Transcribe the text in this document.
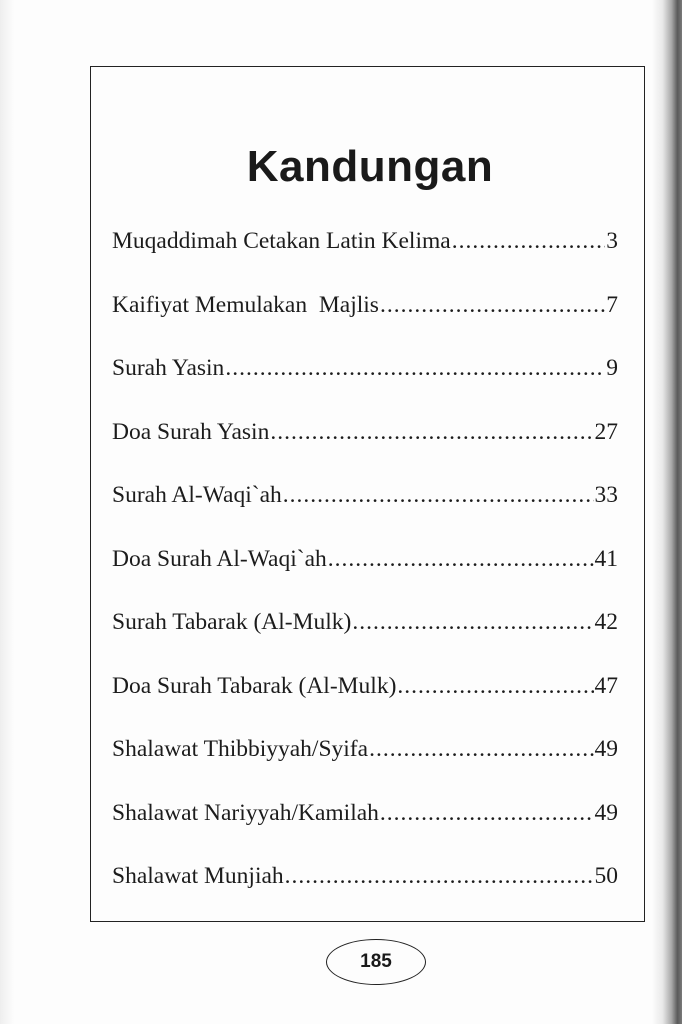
Kandungan
Muqaddimah Cetakan Latin Kelima .....	3
Kaifiyat Memulakan  Majlis .....	7
Surah Yasin .....	9
Doa Surah Yasin .....	27
Surah Al-Waqi`ah .....	33
Doa Surah Al-Waqi`ah .....	41
Surah Tabarak (Al-Mulk) .....	42
Doa Surah Tabarak (Al-Mulk) .....	47
Shalawat Thibbiyyah/Syifa .....	49
Shalawat Nariyyah/Kamilah .....	49
Shalawat Munjiah .....	50
185
